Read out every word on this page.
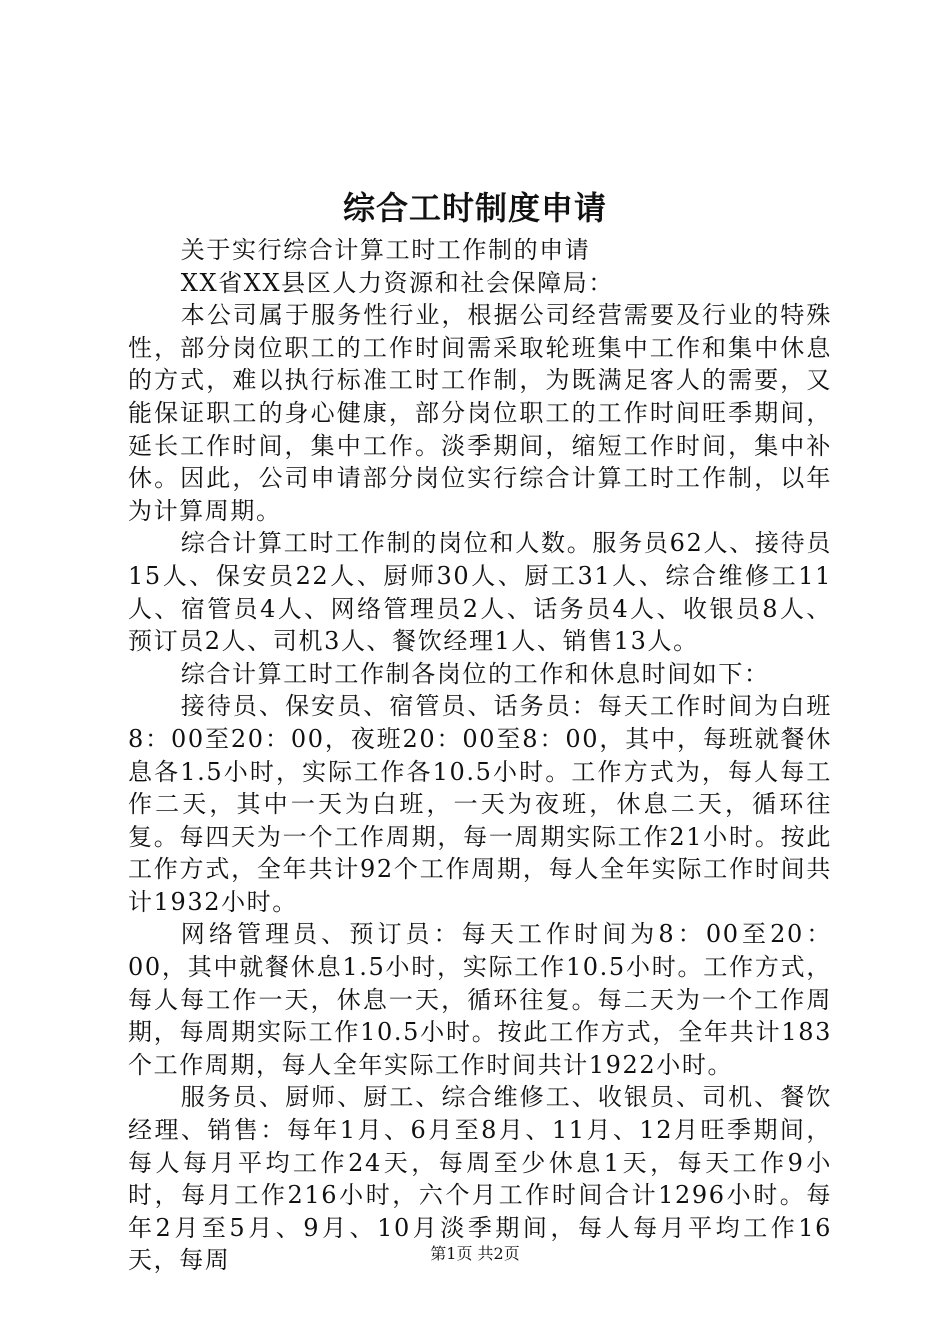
综合工时制度申请

关于实行综合计算工时工作制的申请

XX省XX县区人力资源和社会保障局：

本公司属于服务性行业，根据公司经营需要及行业的特殊性，部分岗位职工的工作时间需采取轮班集中工作和集中休息的方式，难以执行标准工时工作制，为既满足客人的需要，又能保证职工的身心健康，部分岗位职工的工作时间旺季期间，延长工作时间，集中工作。淡季期间，缩短工作时间，集中补休。因此，公司申请部分岗位实行综合计算工时工作制，以年为计算周期。

综合计算工时工作制的岗位和人数。服务员62人、接待员15人、保安员22人、厨师30人、厨工31人、综合维修工11人、宿管员4人、网络管理员2人、话务员4人、收银员8人、预订员2人、司机3人、餐饮经理1人、销售13人。

综合计算工时工作制各岗位的工作和休息时间如下：

接待员、保安员、宿管员、话务员：每天工作时间为白班8：00至20：00，夜班20：00至8：00，其中，每班就餐休息各1.5小时，实际工作各10.5小时。工作方式为，每人每工作二天，其中一天为白班，一天为夜班，休息二天，循环往复。每四天为一个工作周期，每一周期实际工作21小时。按此工作方式，全年共计92个工作周期，每人全年实际工作时间共计1932小时。

网络管理员、预订员：每天工作时间为8：00至20：00，其中就餐休息1.5小时，实际工作10.5小时。工作方式，每人每工作一天，休息一天，循环往复。每二天为一个工作周期，每周期实际工作10.5小时。按此工作方式，全年共计183个工作周期，每人全年实际工作时间共计1922小时。

服务员、厨师、厨工、综合维修工、收银员、司机、餐饮经理、销售：每年1月、6月至8月、11月、12月旺季期间，每人每月平均工作24天，每周至少休息1天，每天工作9小时，每月工作216小时，六个月工作时间合计1296小时。每年2月至5月、9月、10月淡季期间，每人每月平均工作16天，每周	第1页 共2页
